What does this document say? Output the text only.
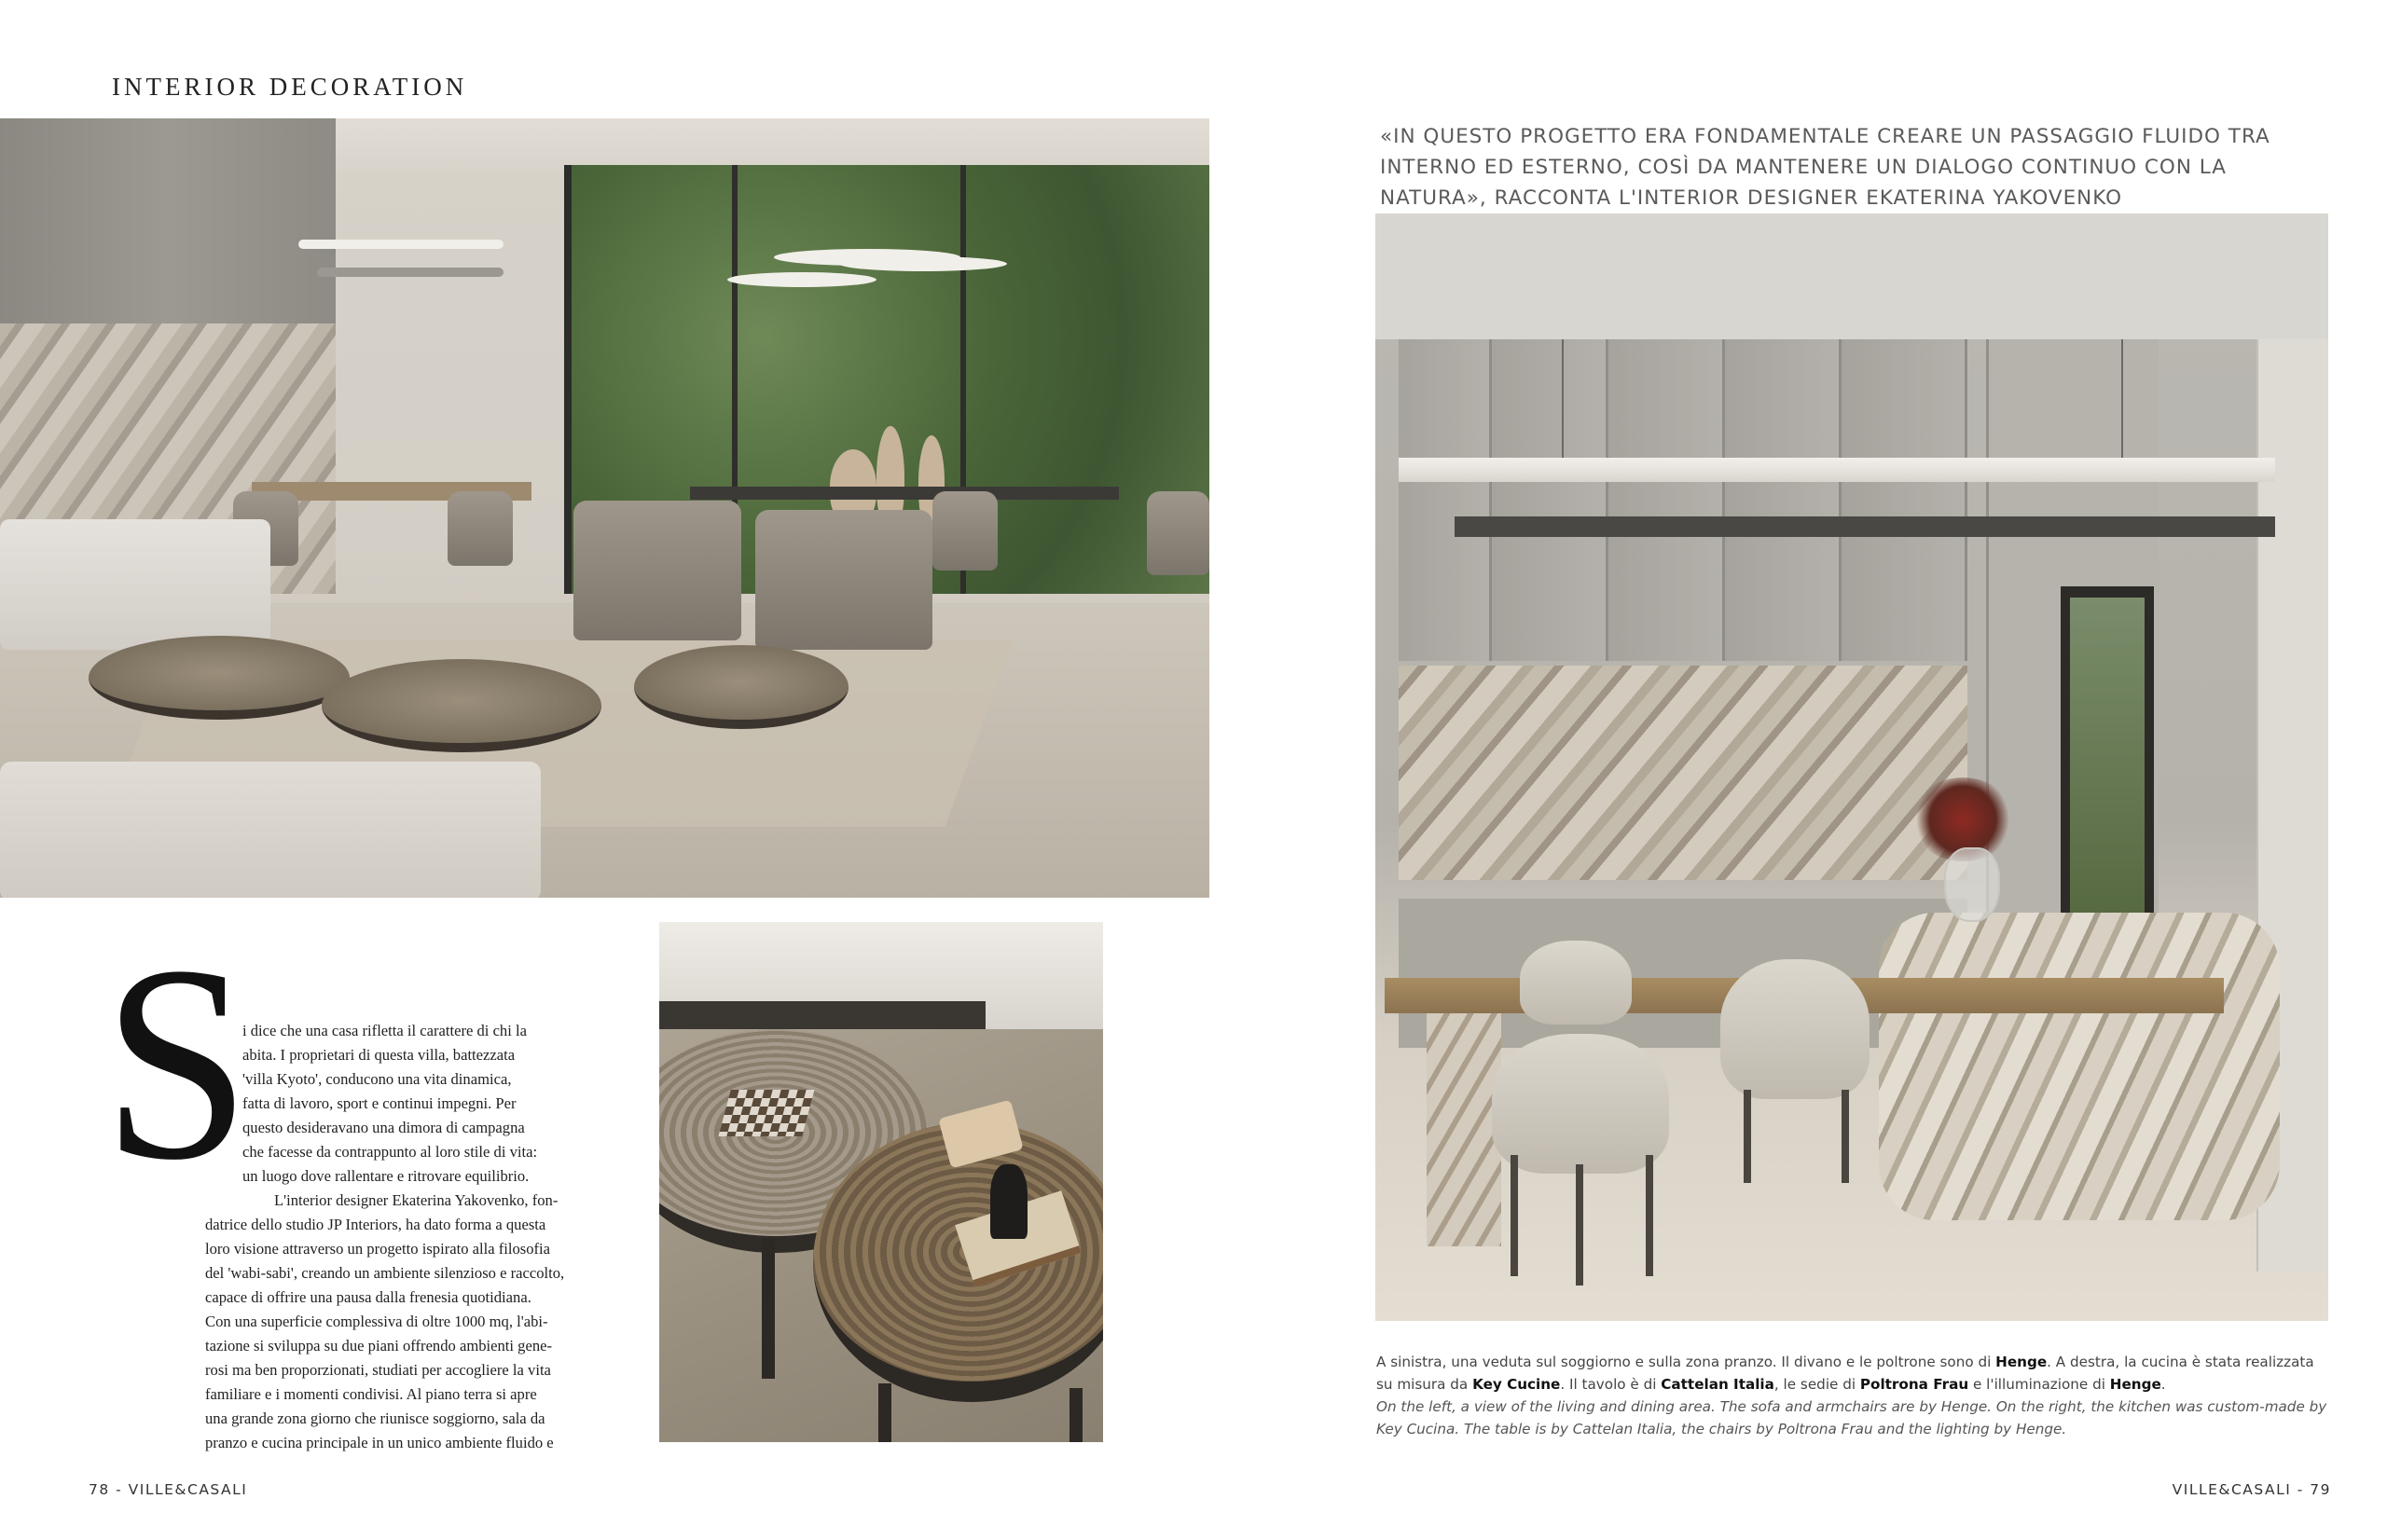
INTERIOR DECORATION
«IN QUESTO PROGETTO ERA FONDAMENTALE CREARE UN PASSAGGIO FLUIDO TRA INTERNO ED ESTERNO, COSÌ DA MANTENERE UN DIALOGO CONTINUO CON LA NATURA», RACCONTA L'INTERIOR DESIGNER EKATERINA YAKOVENKO
S
i dice che una casa rifletta il carattere di chi la
abita. I proprietari di questa villa, battezzata
'villa Kyoto', conducono una vita dinamica,
fatta di lavoro, sport e continui impegni. Per
questo desideravano una dimora di campagna
che facesse da contrappunto al loro stile di vita:
un luogo dove rallentare e ritrovare equilibrio.
L'interior designer Ekaterina Yakovenko, fon-
datrice dello studio JP Interiors, ha dato forma a questa
loro visione attraverso un progetto ispirato alla filosofia
del 'wabi-sabi', creando un ambiente silenzioso e raccolto,
capace di offrire una pausa dalla frenesia quotidiana.
Con una superficie complessiva di oltre 1000 mq, l'abi-
tazione si sviluppa su due piani offrendo ambienti gene-
rosi ma ben proporzionati, studiati per accogliere la vita
familiare e i momenti condivisi. Al piano terra si apre
una grande zona giorno che riunisce soggiorno, sala da
pranzo e cucina principale in un unico ambiente fluido e
A sinistra, una veduta sul soggiorno e sulla zona pranzo. Il divano e le poltrone sono di Henge. A destra, la cucina è stata realizzata su misura da Key Cucine. Il tavolo è di Cattelan Italia, le sedie di Poltrona Frau e l'illuminazione di Henge.
On the left, a view of the living and dining area. The sofa and armchairs are by Henge. On the right, the kitchen was custom-made by Key Cucina. The table is by Cattelan Italia, the chairs by Poltrona Frau and the lighting by Henge.
78 - VILLE&CASALI	VILLE&CASALI - 79
